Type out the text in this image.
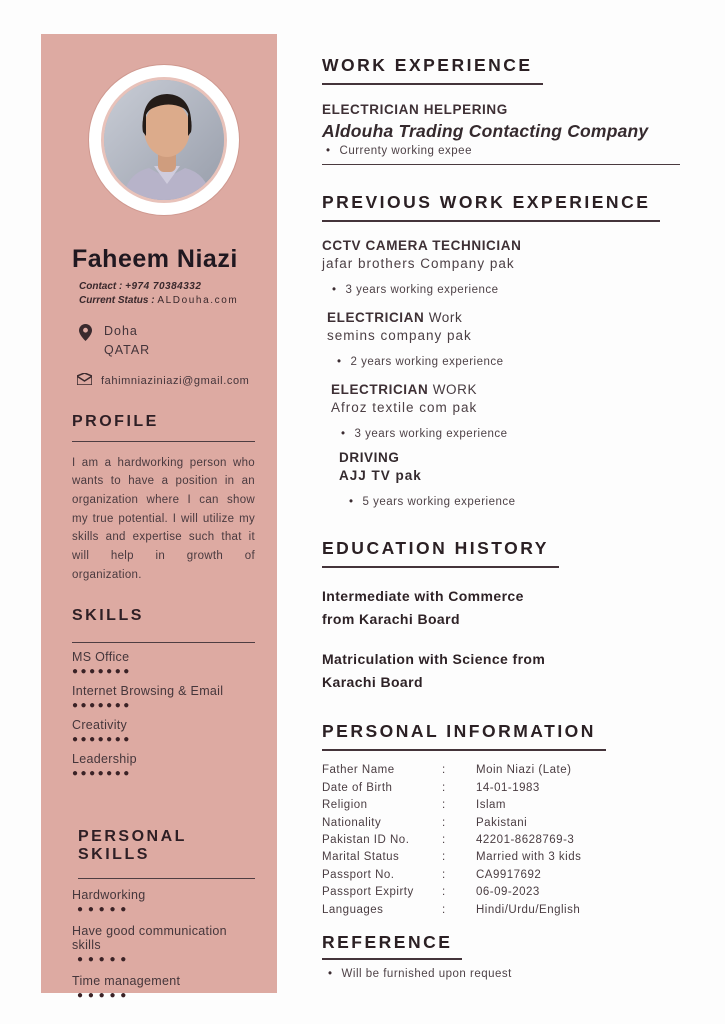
Faheem Niazi
Contact : +974 70384332
Current Status : ALDouha.com
Doha
QATAR
fahimniaziniazi@gmail.com
PROFILE
I am a hardworking person who wants to have a position in an organization where I can show my true potential. I will utilize my skills and expertise such that it will help in growth of organization.
SKILLS
MS Office
●●●●●●●
Internet Browsing & Email
●●●●●●●
Creativity
●●●●●●●
Leadership
●●●●●●●
PERSONAL SKILLS
Hardworking
● ● ● ● ●
Have good communication skills
● ● ● ● ●
Time management
● ● ● ● ●
WORK EXPERIENCE
ELECTRICIAN HELPERING
Aldouha Trading Contacting Company
• Currenty working expee
PREVIOUS WORK EXPERIENCE
CCTV CAMERA TECHNICIAN
jafar brothers Company pak
• 3 years working experience
ELECTRICIAN Work
semins company pak
• 2 years working experience
ELECTRICIAN WORK
Afroz textile com pak
• 3 years working experience
DRIVING
AJJ TV pak
• 5 years working experience
EDUCATION HISTORY
Intermediate with Commerce
from Karachi Board
Matriculation with Science from
Karachi Board
PERSONAL INFORMATION
Father Name	:	Moin Niazi (Late)
Date of Birth	:	14-01-1983
Religion	:	Islam
Nationality	:	Pakistani
Pakistan ID No.	:	42201-8628769-3
Marital Status	:	Married with 3 kids
Passport No.	:	CA9917692
Passport Expirty	:	06-09-2023
Languages	:	Hindi/Urdu/English
REFERENCE
• Will be furnished upon request
